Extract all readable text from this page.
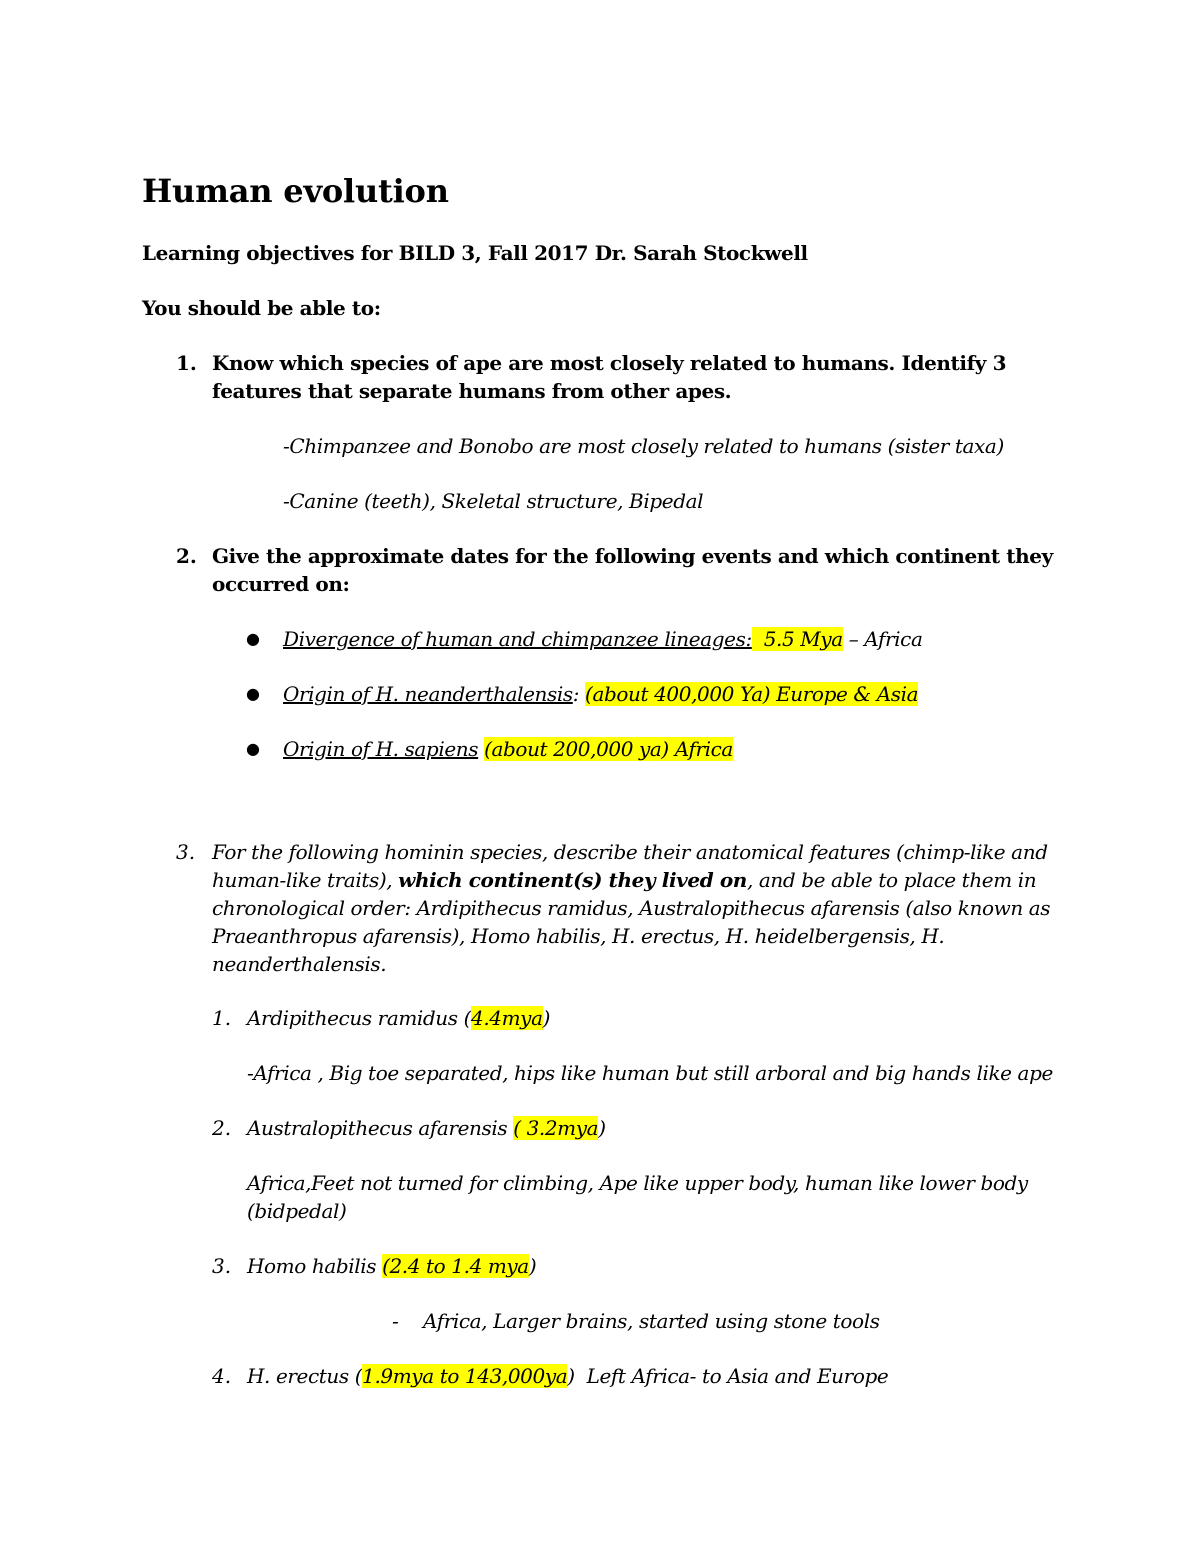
Human evolution
Learning objectives for BILD 3, Fall 2017 Dr. Sarah Stockwell
You should be able to:
1. Know which species of ape are most closely related to humans. Identify 3
features that separate humans from other apes.
-Chimpanzee and Bonobo are most closely related to humans (sister taxa)
-Canine (teeth), Skeletal structure, Bipedal
2. Give the approximate dates for the following events and which continent they
occurred on:
● Divergence of human and chimpanzee lineages:  5.5 Mya – Africa
● Origin of H. neanderthalensis: (about 400,000 Ya) Europe & Asia
● Origin of H. sapiens (about 200,000 ya) Africa
3. For the following hominin species, describe their anatomical features (chimp-like and
human-like traits), which continent(s) they lived on, and be able to place them in
chronological order: Ardipithecus ramidus, Australopithecus afarensis (also known as
Praeanthropus afarensis), Homo habilis, H. erectus, H. heidelbergensis, H.
neanderthalensis.
1. Ardipithecus ramidus (4.4mya)
-Africa , Big toe separated, hips like human but still arboral and big hands like ape
2. Australopithecus afarensis ( 3.2mya)
Africa,Feet not turned for climbing, Ape like upper body, human like lower body
(bidpedal)
3. Homo habilis (2.4 to 1.4 mya)
- Africa, Larger brains, started using stone tools
4. H. erectus (1.9mya to 143,000ya)  Left Africa- to Asia and Europe
